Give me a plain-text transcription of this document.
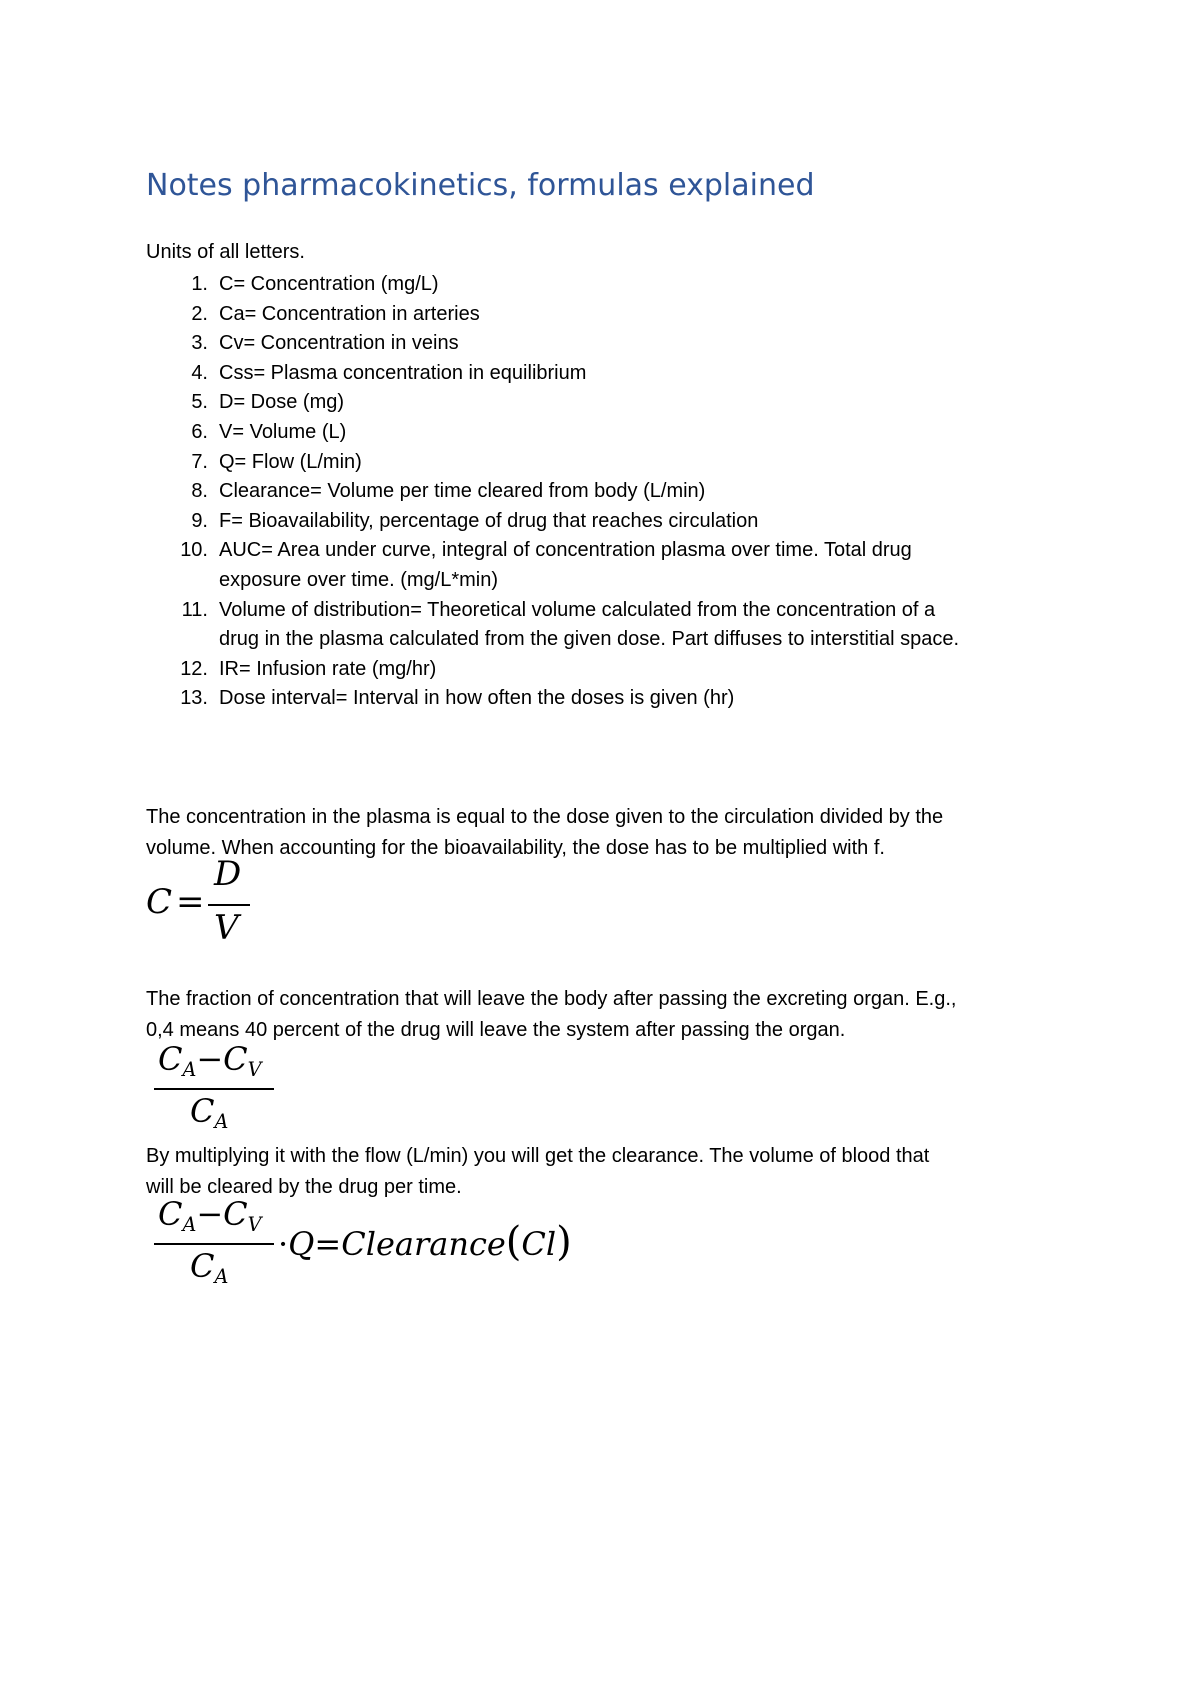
Notes pharmacokinetics, formulas explained
Units of all letters.
1. C= Concentration (mg/L)
2. Ca= Concentration in arteries
3. Cv= Concentration in veins
4. Css= Plasma concentration in equilibrium
5. D= Dose (mg)
6. V= Volume (L)
7. Q= Flow (L/min)
8. Clearance= Volume per time cleared from body (L/min)
9. F= Bioavailability, percentage of drug that reaches circulation
10. AUC= Area under curve, integral of concentration plasma over time. Total drug
exposure over time. (mg/L*min)
11. Volume of distribution= Theoretical volume calculated from the concentration of a
drug in the plasma calculated from the given dose. Part diffuses to interstitial space.
12. IR= Infusion rate (mg/hr)
13. Dose interval= Interval in how often the doses is given (hr)
The concentration in the plasma is equal to the dose given to the circulation divided by the
volume. When accounting for the bioavailability, the dose has to be multiplied with f.
C =
D
V
The fraction of concentration that will leave the body after passing the excreting organ. E.g.,
0,4 means 40 percent of the drug will leave the system after passing the organ.
$C_A-C_V$
$C_A$
By multiplying it with the flow (L/min) you will get the clearance. The volume of blood that
will be cleared by the drug per time.
$C_A-C_V$
$C_A$
·Q=Clearance(Cl)
